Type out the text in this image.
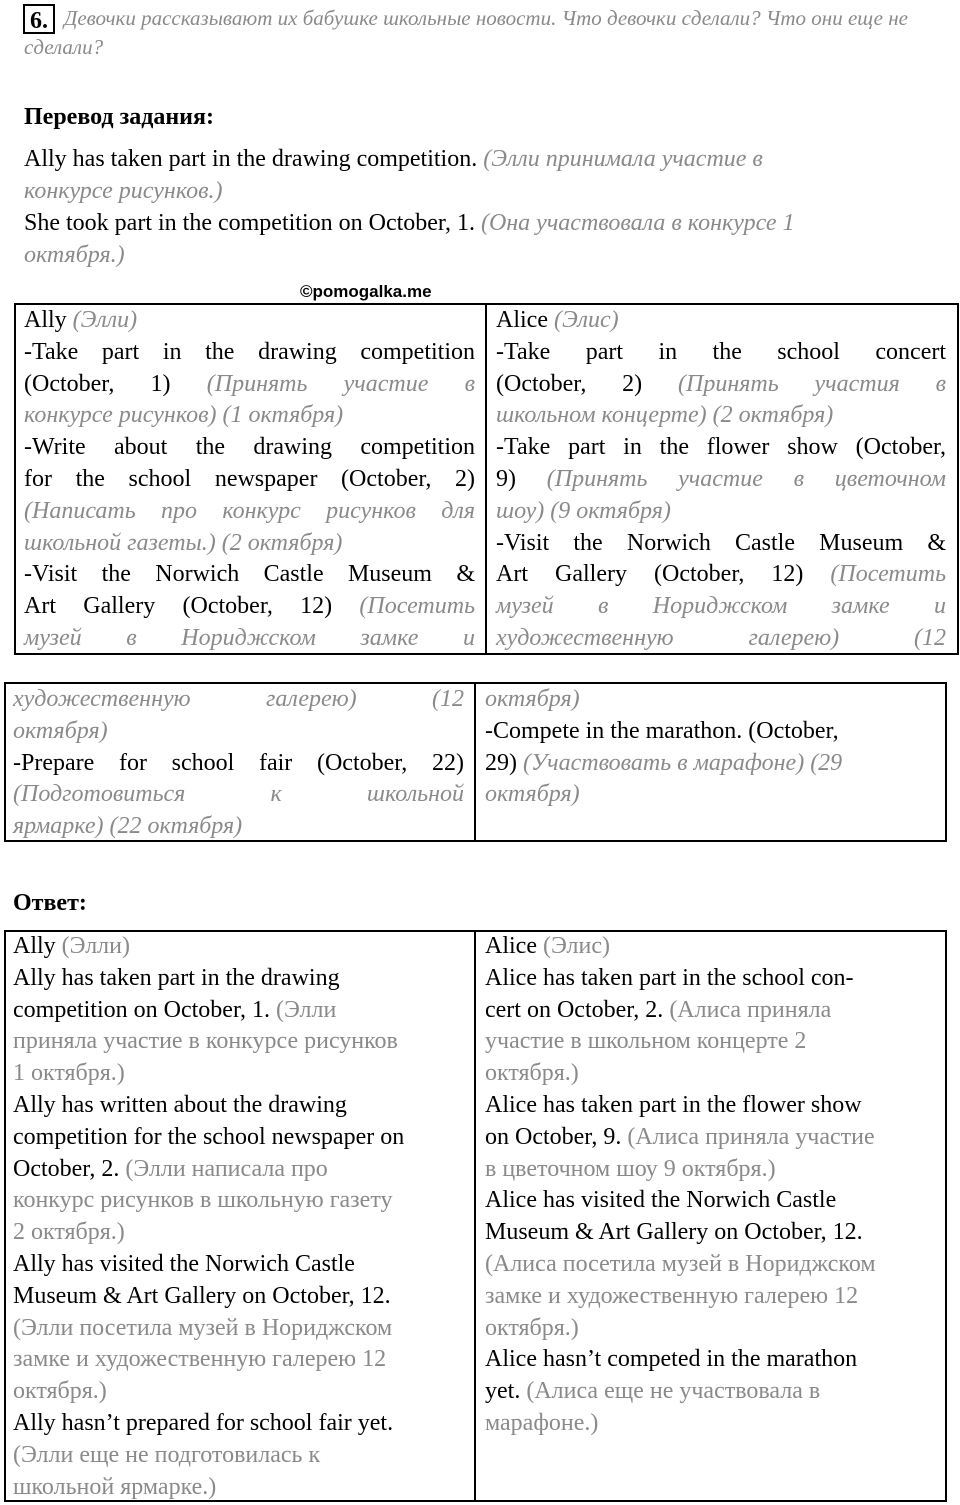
6. Девочки рассказывают их бабушке школьные новости. Что девочки сделали? Что они еще не сделали?
Перевод задания:
Ally has taken part in the drawing competition. (Элли принимала участие в
конкурсе рисунков.)
She took part in the competition on October, 1. (Она участвовала в конкурсе 1
октября.)
©pomogalka.me
Ally (Элли)
-Take part in the drawing competition
(October, 1) (Принять участие в
конкурсе рисунков) (1 октября)
-Write about the drawing competition
for the school newspaper (October, 2)
(Написать про конкурс рисунков для
школьной газеты.) (2 октября)
-Visit the Norwich Castle Museum &
Art Gallery (October, 12) (Посетить
музей в Нориджском замке и
Alice (Элис)
-Take part in the school concert
(October, 2) (Принять участия в
школьном концерте) (2 октября)
-Take part in the flower show (October,
9) (Принять участие в цветочном
шоу) (9 октября)
-Visit the Norwich Castle Museum &
Art Gallery (October, 12) (Посетить
музей в Нориджском замке и
художественную галерею) (12
художественную галерею) (12
октября)
-Prepare for school fair (October, 22)
(Подготовиться к школьной
ярмарке) (22 октября)
октября)
-Compete in the marathon. (October,
29) (Участвовать в марафоне) (29
октября)
Ответ:
Ally (Элли)
Ally has taken part in the drawing
competition on October, 1. (Элли
приняла участие в конкурсе рисунков
1 октября.)
Ally has written about the drawing
competition for the school newspaper on
October, 2. (Элли написала про
конкурс рисунков в школьную газету
2 октября.)
Ally has visited the Norwich Castle
Museum & Art Gallery on October, 12.
(Элли посетила музей в Нориджском
замке и художественную галерею 12
октября.)
Ally hasn’t prepared for school fair yet.
(Элли еще не подготовилась к
школьной ярмарке.)
Alice (Элис)
Alice has taken part in the school con-
cert on October, 2. (Алиса приняла
участие в школьном концерте 2
октября.)
Alice has taken part in the flower show
on October, 9. (Алиса приняла участие
в цветочном шоу 9 октября.)
Alice has visited the Norwich Castle
Museum & Art Gallery on October, 12.
(Алиса посетила музей в Нориджском
замке и художественную галерею 12
октября.)
Alice hasn’t competed in the marathon
yet. (Алиса еще не участвовала в
марафоне.)
